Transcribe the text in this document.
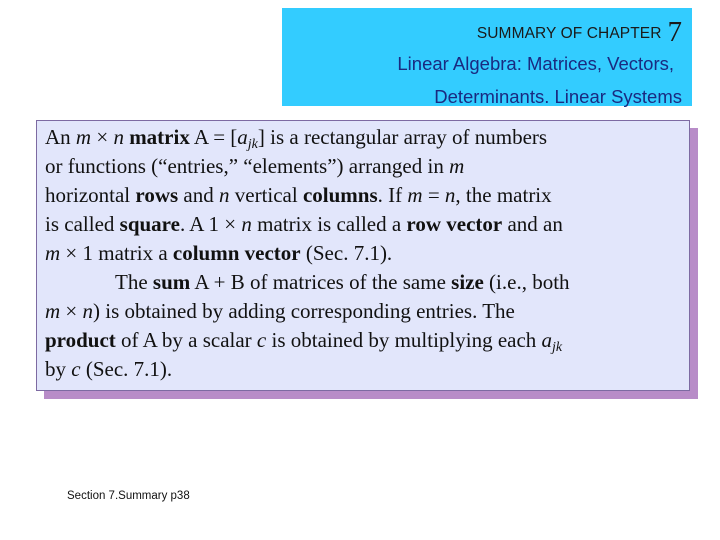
SUMMARY OF CHAPTER 7
Linear Algebra: Matrices, Vectors,
Determinants. Linear Systems
An m × n matrix $A = [a_{jk}]$ is a rectangular array of numbers
or functions (“entries,” “elements”) arranged in m
horizontal rows and n vertical columns. If m = n, the matrix
is called square. A 1 × n matrix is called a row vector and an
m × 1 matrix a column vector (Sec. 7.1).
The sum A + B of matrices of the same size (i.e., both
m × n) is obtained by adding corresponding entries. The
product of A by a scalar c is obtained by multiplying each $a_{jk}$
by c (Sec. 7.1).
Section 7.Summary p38
